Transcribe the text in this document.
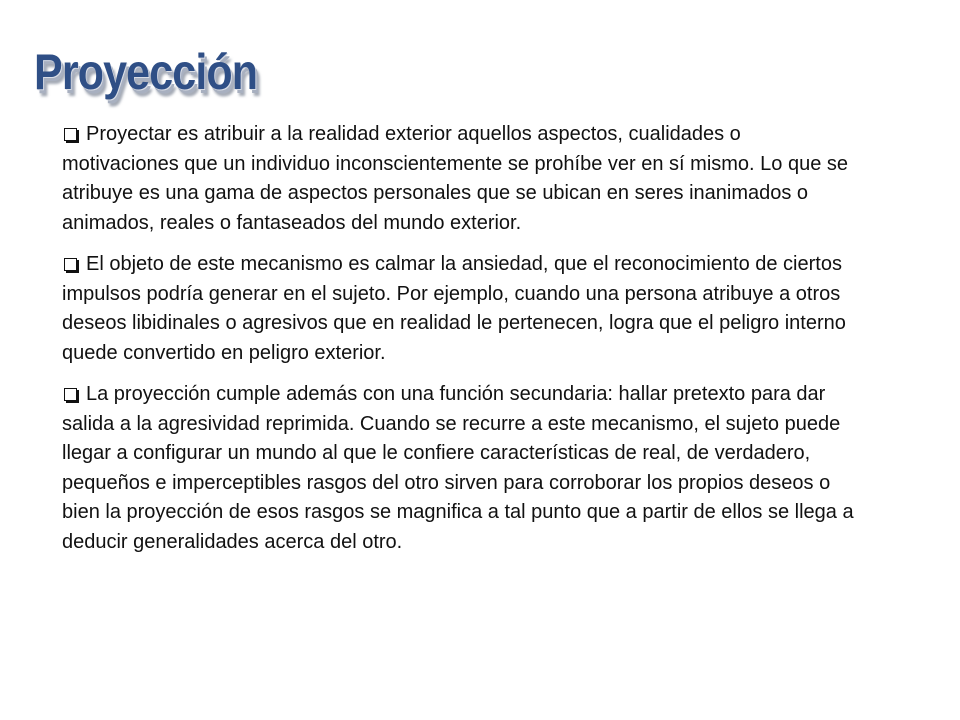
Proyección

Proyectar es atribuir a la realidad exterior aquellos aspectos, cualidades o motivaciones que un individuo inconscientemente se prohíbe ver en sí mismo. Lo que se atribuye es una gama de aspectos personales que se ubican en seres inanimados o animados, reales o fantaseados del mundo exterior.

El objeto de este mecanismo es calmar la ansiedad, que el reconocimiento de ciertos impulsos podría generar en el sujeto. Por ejemplo, cuando una persona atribuye a otros deseos libidinales o agresivos que en realidad le pertenecen, logra que el peligro interno quede convertido en peligro exterior.

La proyección cumple además con una función secundaria: hallar pretexto para dar salida a la agresividad reprimida. Cuando se recurre a este mecanismo, el sujeto puede llegar a configurar un mundo al que le confiere características de real, de verdadero, pequeños e imperceptibles rasgos del otro sirven para corroborar los propios deseos o bien la proyección de esos rasgos se magnifica a tal punto que a partir de ellos se llega a deducir generalidades acerca del otro.
